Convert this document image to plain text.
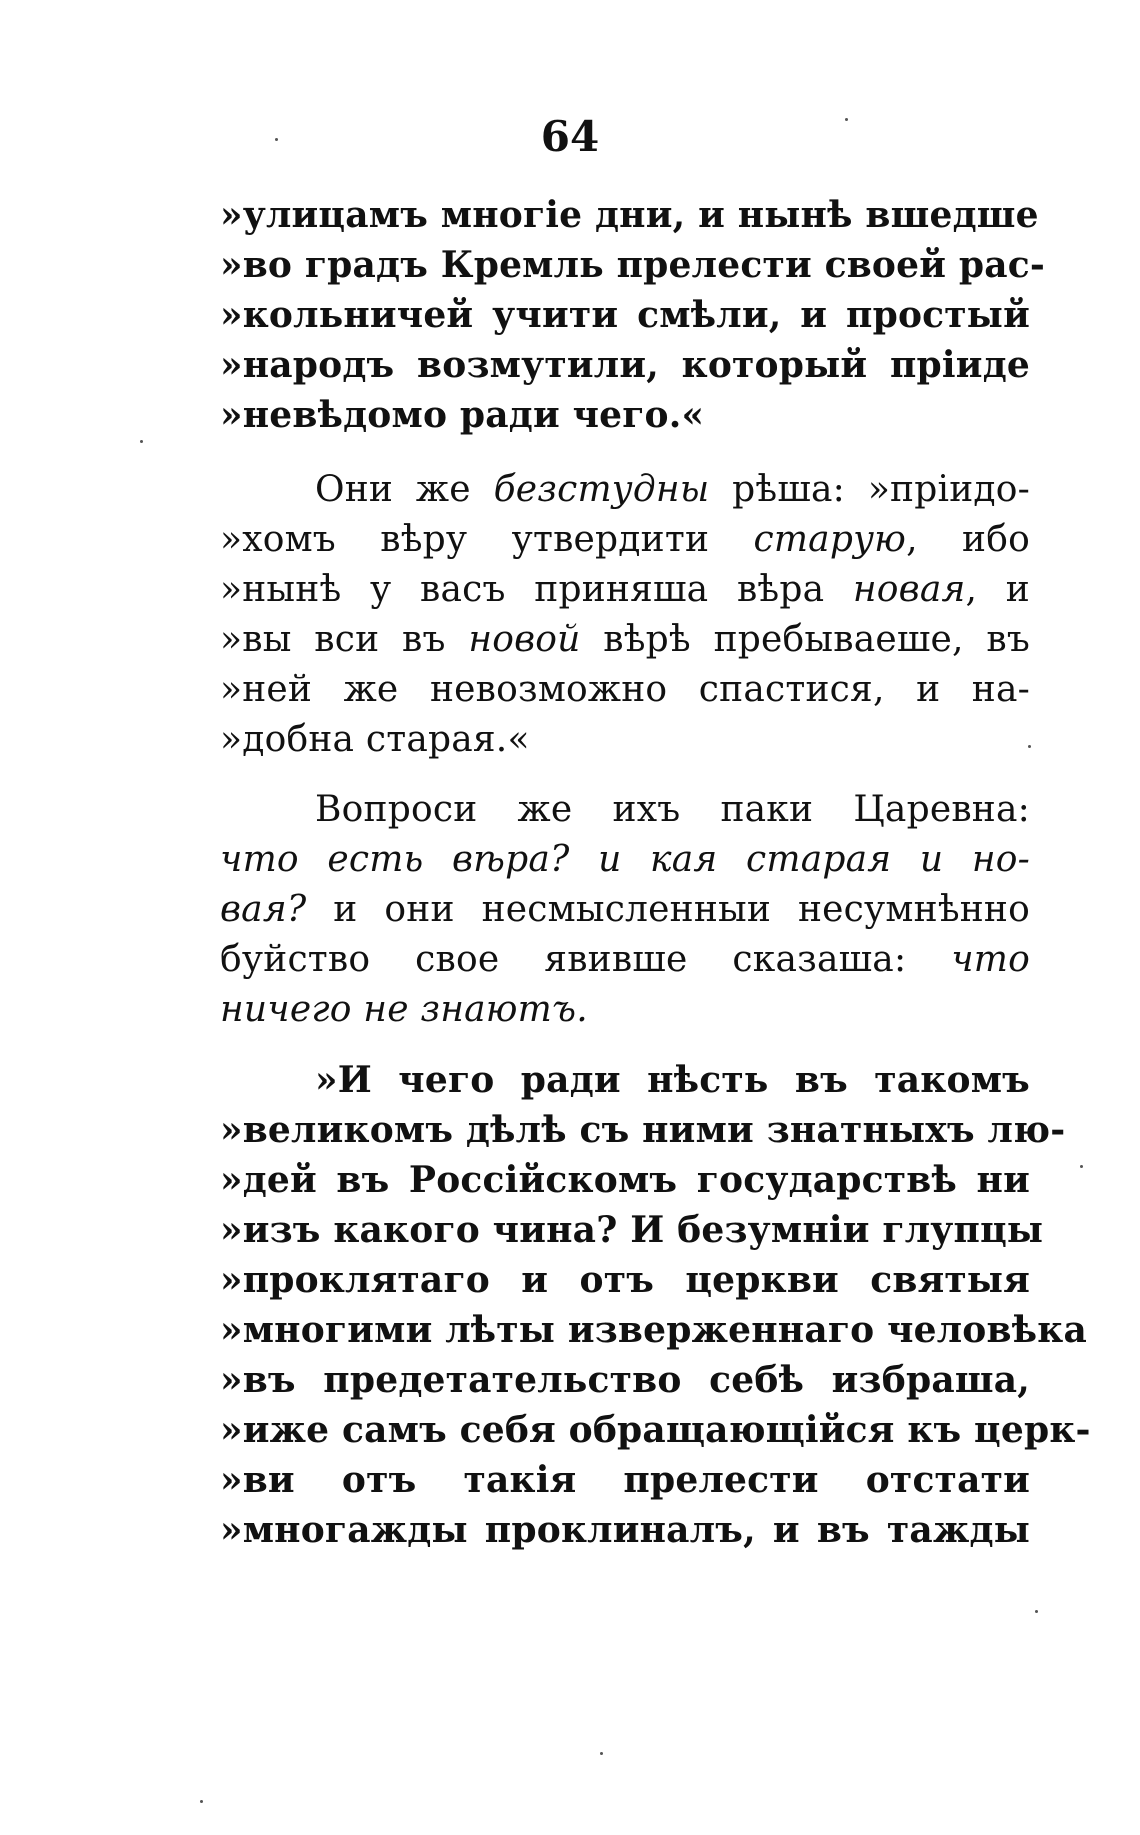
64
»улицамъ многіе дни, и нынѣ вшедше
»во градъ Кремль прелести своей рас-
»кольничей учити смѣли, и простый
»народъ возмутили, который пріиде
»невѣдомо ради чего.«
Они же безстудны рѣша: »пріидо-
»хомъ вѣру утвердити старую, ибо
»нынѣ у васъ приняша вѣра новая, и
»вы вси въ новой вѣрѣ пребываеше, въ
»ней же невозможно спастися, и на-
»добна старая.«
Вопроси же ихъ паки Царевна:
что есть вѣра? и кая старая и но-
вая? и они несмысленныи несумнѣнно
буйство свое явивше сказаша: что
ничего не знаютъ.
»И чего ради нѣсть въ такомъ
»великомъ дѣлѣ съ ними знатныхъ лю-
»дей въ Россійскомъ государствѣ ни
»изъ какого чина? И безумніи глупцы
»проклятаго и отъ церкви святыя
»многими лѣты изверженнаго человѣка
»въ предетательство себѣ избраша,
»иже самъ себя обращающійся къ церк-
»ви отъ такія прелести отстати
»многажды проклиналъ, и въ тажды
